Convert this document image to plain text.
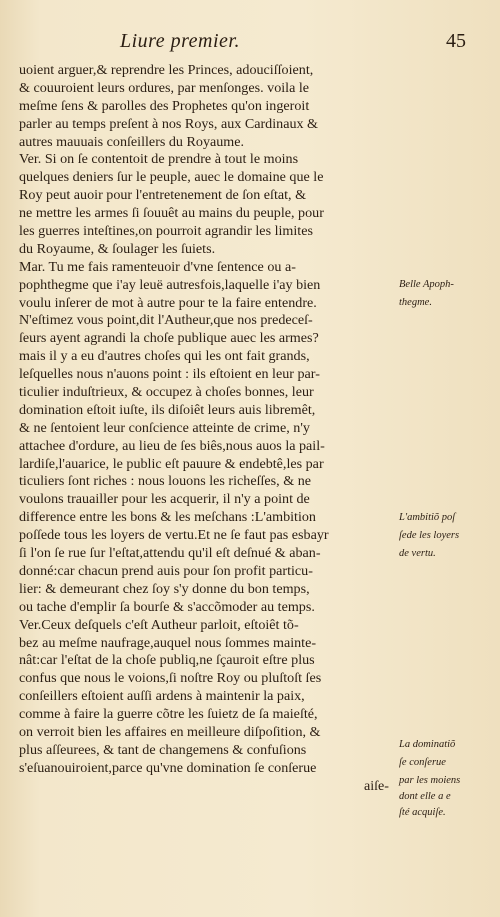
Liure premier.	45
uoient arguer,& reprendre les Princes, adouciſſoient,
& couuroient leurs ordures, par menſonges. voila le
meſme ſens & parolles des Prophetes qu'on ingeroit
parler au temps preſent à nos Roys, aux Cardinaux &
autres mauuais conſeillers du Royaume.
Ver. Si on ſe contentoit de prendre à tout le moins
quelques deniers ſur le peuple, auec le domaine que le
Roy peut auoir pour l'entretenement de ſon eſtat, &
ne mettre les armes ſi ſouuêt au mains du peuple, pour
les guerres inteſtines,on pourroit agrandir les limites
du Royaume, & ſoulager les ſuiets.
Mar. Tu me fais ramenteuoir d'vne ſentence ou a-
pophthegme que i'ay leuë autresfois,laquelle i'ay bien
voulu inſerer de mot à autre pour te la faire entendre.
N'eſtimez vous point,dit l'Autheur,que nos predeceſ-
ſeurs ayent agrandi la choſe publique auec les armes?
mais il y a eu d'autres choſes qui les ont fait grands,
leſquelles nous n'auons point : ils eſtoient en leur par-
ticulier induſtrieux, & occupez à choſes bonnes, leur
domination eſtoit iuſte, ils diſoiêt leurs auis libremêt,
& ne ſentoient leur conſcience atteinte de crime, n'y
attachee d'ordure, au lieu de ſes biês,nous auos la pail-
lardiſe,l'auarice, le public eſt pauure & endebtê,les par
ticuliers ſont riches : nous louons les richeſſes, & ne
voulons trauailler pour les acquerir, il n'y a point de
difference entre les bons & les meſchans :L'ambition
poſſede tous les loyers de vertu.Et ne ſe faut pas esbayr
ſi l'on ſe rue ſur l'eſtat,attendu qu'il eſt deſnué & aban-
donné:car chacun prend auis pour ſon profit particu-
lier: & demeurant chez ſoy s'y donne du bon temps,
ou tache d'emplir ſa bourſe & s'accõmoder au temps.
Ver.Ceux deſquels c'eſt Autheur parloit, eſtoiêt tõ-
bez au meſme naufrage,auquel nous ſommes mainte-
nât:car l'eſtat de la choſe publiq,ne ſçauroit eſtre plus
confus que nous le voions,ſi noſtre Roy ou pluſtoſt ſes
conſeillers eſtoient auſſi ardens à maintenir la paix,
comme à faire la guerre cõtre les ſuietz de ſa maieſté,
on verroit bien les affaires en meilleure diſpoſition, &
plus aſſeurees, & tant de changemens & confuſions
s'eſuanouiroient,parce qu'vne domination ſe conſerue
aiſe-
Belle Apoph-
thegme.
L'ambitiõ poſ
ſede les loyers
de vertu.
La dominatiõ
ſe conſerue
par les moiens
dont elle a e
ſté acquiſe.
